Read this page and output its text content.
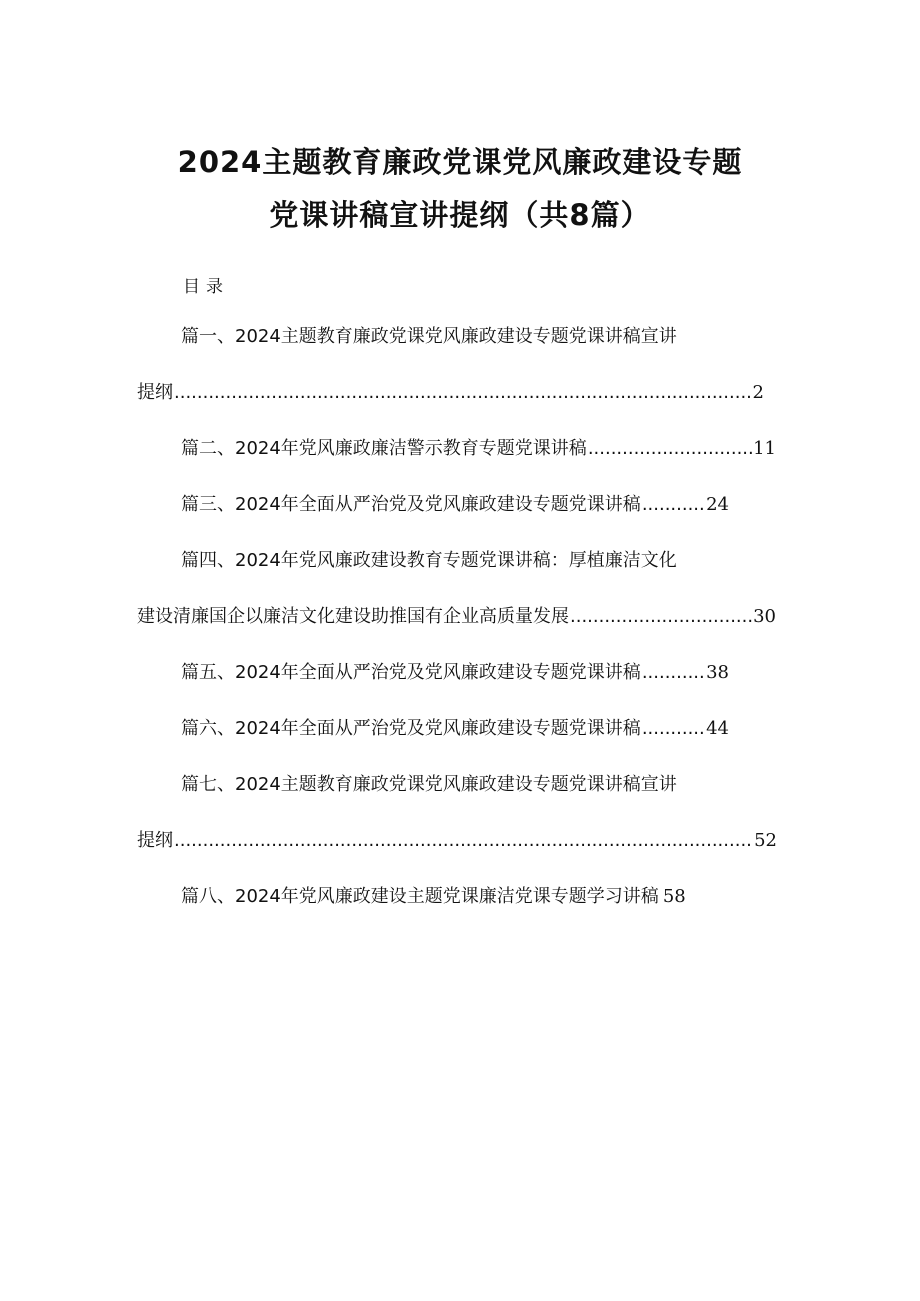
2024主题教育廉政党课党风廉政建设专题
党课讲稿宣讲提纲（共8篇）
目录
篇一、2024主题教育廉政党课党风廉政建设专题党课讲稿宣讲
提纲 .....	2
篇二、2024年党风廉政廉洁警示教育专题党课讲稿 .....	11
篇三、2024年全面从严治党及党风廉政建设专题党课讲稿 .....	24
篇四、2024年党风廉政建设教育专题党课讲稿：厚植廉洁文化
建设清廉国企以廉洁文化建设助推国有企业高质量发展 .....	30
篇五、2024年全面从严治党及党风廉政建设专题党课讲稿 .....	38
篇六、2024年全面从严治党及党风廉政建设专题党课讲稿 .....	44
篇七、2024主题教育廉政党课党风廉政建设专题党课讲稿宣讲
提纲 .....	52
篇八、2024年党风廉政建设主题党课廉洁党课专题学习讲稿 58
